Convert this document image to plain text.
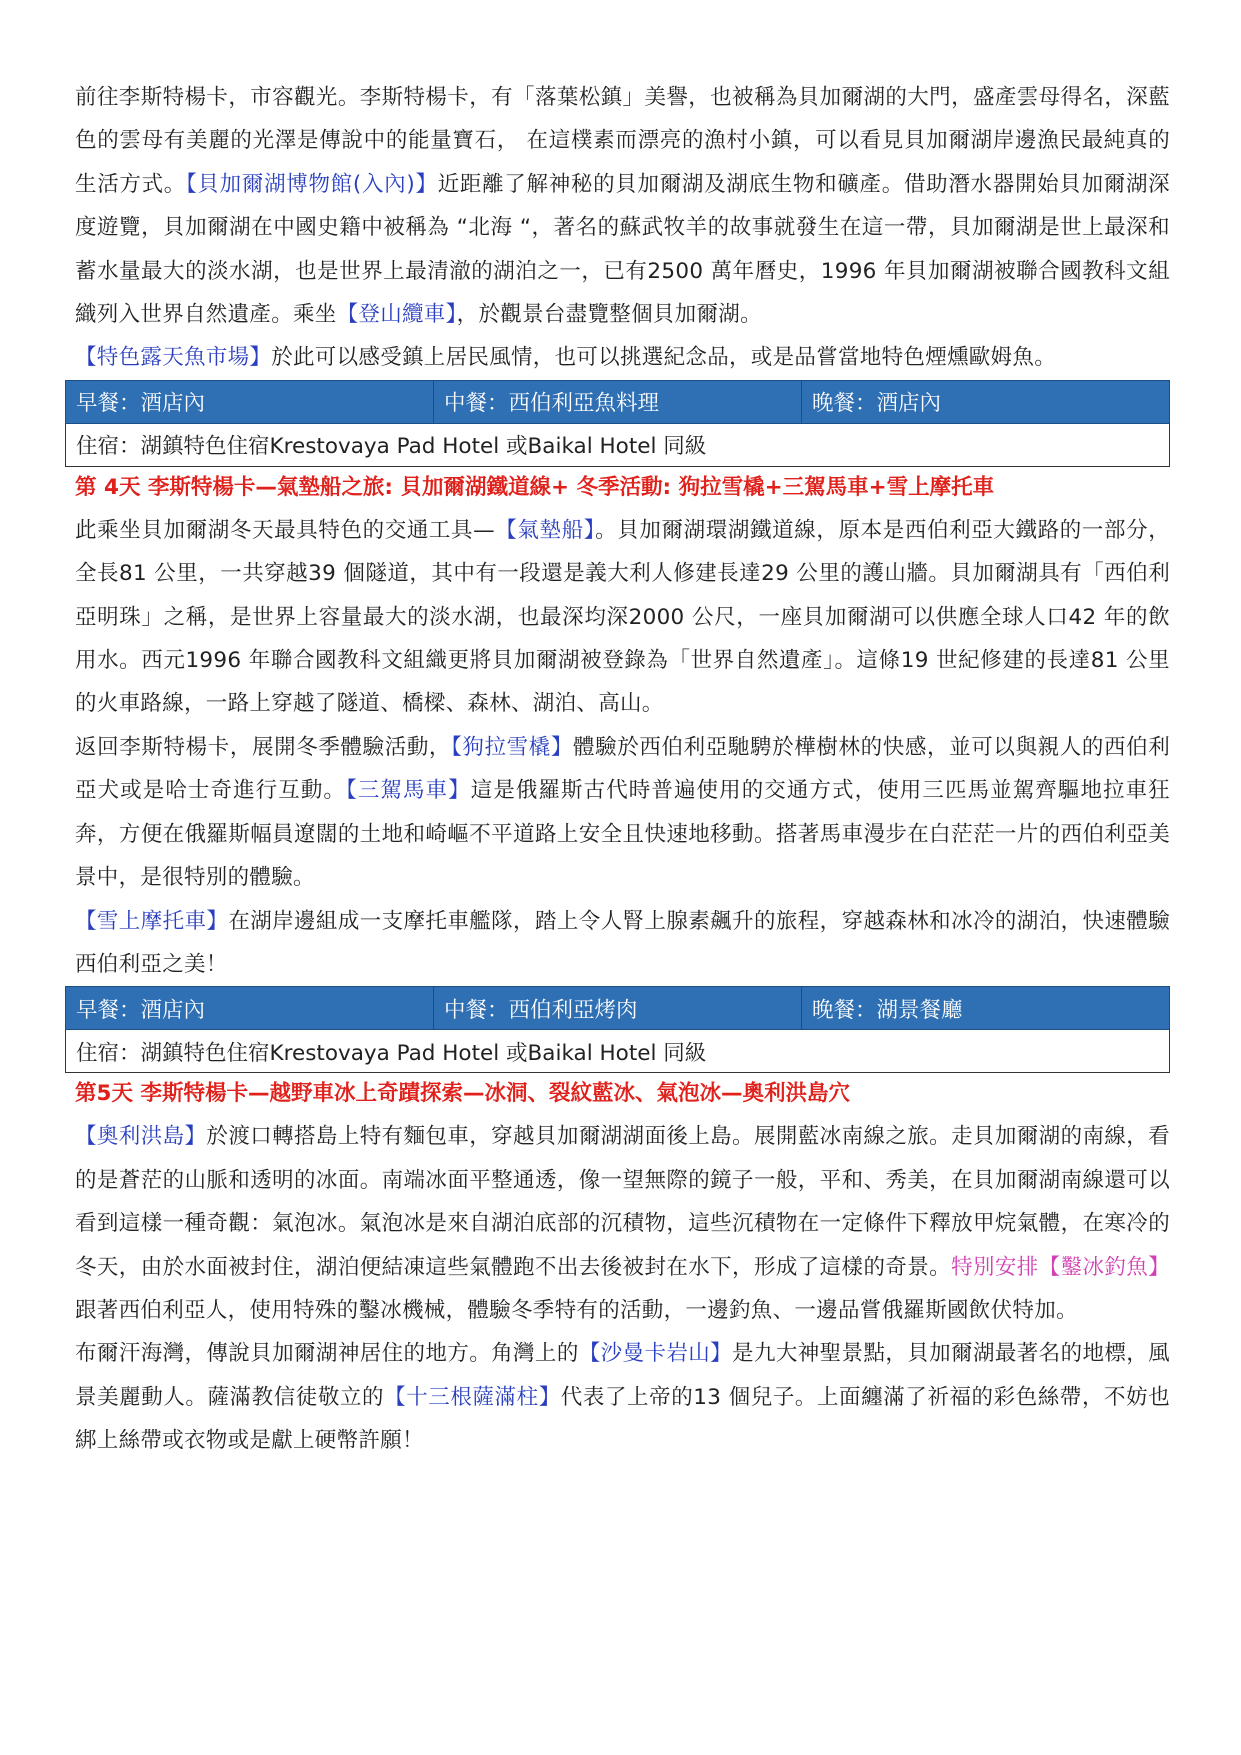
前往李斯特楊卡，市容觀光。李斯特楊卡，有「落葉松鎮」美譽，也被稱為貝加爾湖的大門，盛產雲母得名，深藍色的雲母有美麗的光澤是傳說中的能量寶石， 在這樸素而漂亮的漁村小鎮，可以看見貝加爾湖岸邊漁民最純真的生活方式。【貝加爾湖博物館(入內)】近距離了解神秘的貝加爾湖及湖底生物和礦產。借助潛水器開始貝加爾湖深度遊覽，貝加爾湖在中國史籍中被稱為 “北海 “，著名的蘇武牧羊的故事就發生在這一帶，貝加爾湖是世上最深和蓄水量最大的淡水湖，也是世界上最清澈的湖泊之一，已有2500 萬年曆史，1996 年貝加爾湖被聯合國教科文組織列入世界自然遺產。乘坐【登山纜車】，於觀景台盡覽整個貝加爾湖。

【特色露天魚市場】於此可以感受鎮上居民風情，也可以挑選紀念品，或是品嘗當地特色煙燻歐姆魚。

早餐：酒店內	中餐：西伯利亞魚料理	晚餐：酒店內
住宿：湖鎮特色住宿Krestovaya Pad Hotel 或Baikal Hotel 同級
第 4天 李斯特楊卡—氣墊船之旅: 貝加爾湖鐵道線+ 冬季活動: 狗拉雪橇+三駕馬車+雪上摩托車

此乘坐貝加爾湖冬天最具特色的交通工具—【氣墊船】。貝加爾湖環湖鐵道線，原本是西伯利亞大鐵路的一部分，全長81 公里，一共穿越39 個隧道，其中有一段還是義大利人修建長達29 公里的護山牆。貝加爾湖具有「西伯利亞明珠」之稱，是世界上容量最大的淡水湖，也最深均深2000 公尺，一座貝加爾湖可以供應全球人口42 年的飲用水。西元1996 年聯合國教科文組織更將貝加爾湖被登錄為「世界自然遺產」。這條19 世紀修建的長達81 公里的火車路線，一路上穿越了隧道、橋樑、森林、湖泊、高山。

返回李斯特楊卡，展開冬季體驗活動，【狗拉雪橇】體驗於西伯利亞馳騁於樺樹林的快感，並可以與親人的西伯利亞犬或是哈士奇進行互動。【三駕馬車】這是俄羅斯古代時普遍使用的交通方式，使用三匹馬並駕齊驅地拉車狂奔，方便在俄羅斯幅員遼闊的土地和崎嶇不平道路上安全且快速地移動。搭著馬車漫步在白茫茫一片的西伯利亞美景中，是很特別的體驗。

【雪上摩托車】在湖岸邊組成一支摩托車艦隊，踏上令人腎上腺素飆升的旅程，穿越森林和冰冷的湖泊，快速體驗西伯利亞之美！

早餐：酒店內	中餐：西伯利亞烤肉	晚餐：湖景餐廳
住宿：湖鎮特色住宿Krestovaya Pad Hotel 或Baikal Hotel 同級
第5天 李斯特楊卡—越野車冰上奇蹟探索—冰洞、裂紋藍冰、氣泡冰—奧利洪島穴

【奧利洪島】於渡口轉搭島上特有麵包車，穿越貝加爾湖湖面後上島。展開藍冰南線之旅。走貝加爾湖的南線，看的是蒼茫的山脈和透明的冰面。南端冰面平整通透，像一望無際的鏡子一般，平和、秀美，在貝加爾湖南線還可以看到這樣一種奇觀：氣泡冰。氣泡冰是來自湖泊底部的沉積物，這些沉積物在一定條件下釋放甲烷氣體，在寒冷的冬天，由於水面被封住，湖泊便結凍這些氣體跑不出去後被封在水下，形成了這樣的奇景。特別安排【鑿冰釣魚】跟著西伯利亞人，使用特殊的鑿冰機械，體驗冬季特有的活動，一邊釣魚、一邊品嘗俄羅斯國飲伏特加。

布爾汗海灣，傳說貝加爾湖神居住的地方。角灣上的【沙曼卡岩山】是九大神聖景點，貝加爾湖最著名的地標，風景美麗動人。薩滿教信徒敬立的【十三根薩滿柱】代表了上帝的13 個兒子。上面纏滿了祈福的彩色絲帶，不妨也綁上絲帶或衣物或是獻上硬幣許願！
